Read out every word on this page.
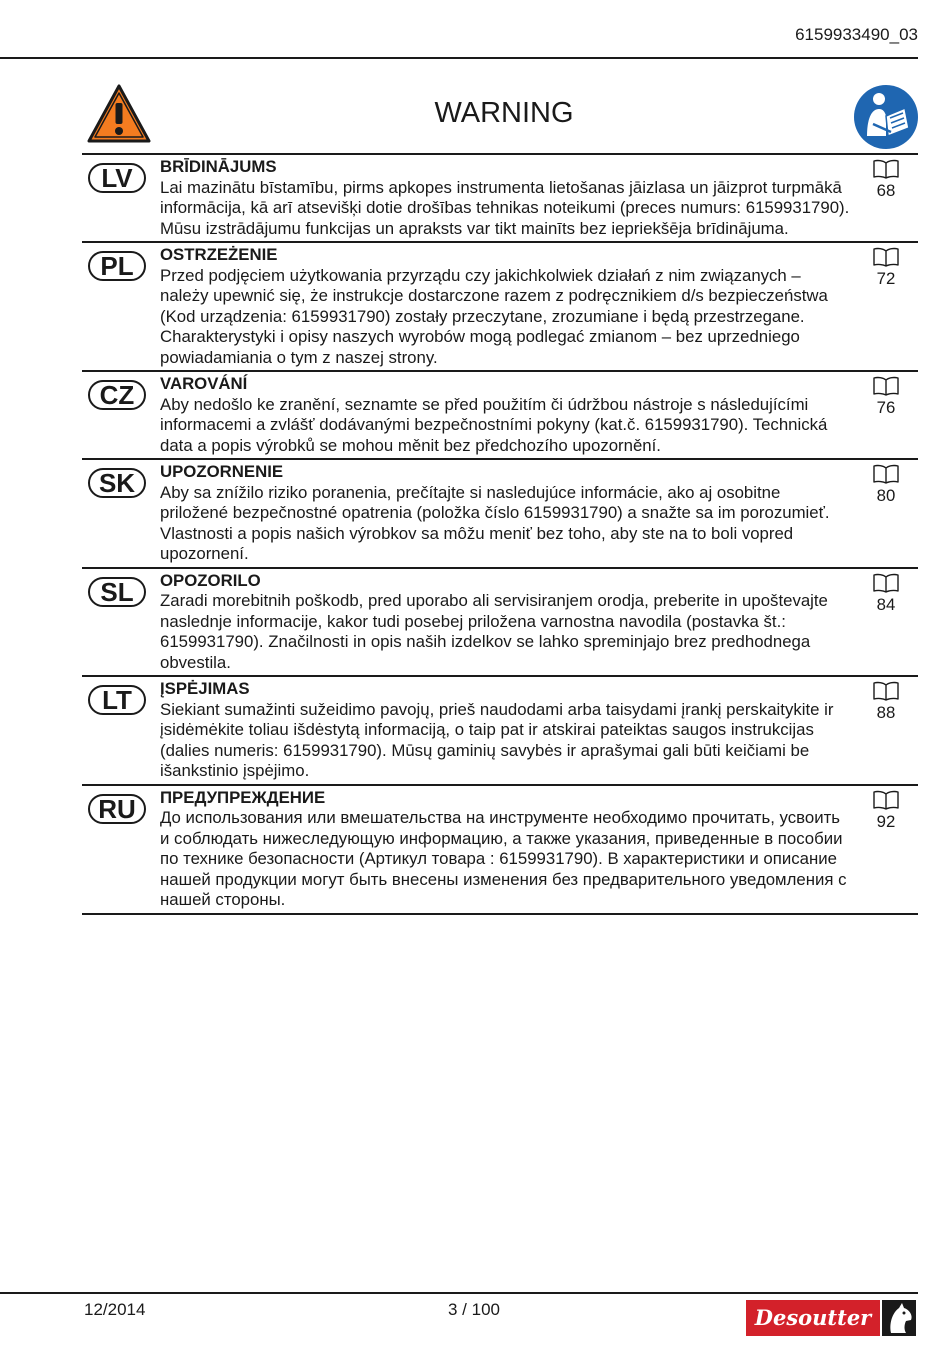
6159933490_03
WARNING
LV	BRĪDINĀJUMS
Lai mazinātu bīstamību, pirms apkopes instrumenta lietošanas jāizlasa un jāizprot turpmākā informācija, kā arī atsevišķi dotie drošības tehnikas noteikumi (preces numurs: 6159931790). Mūsu izstrādājumu funkcijas un apraksts var tikt mainīts bez iepriekšēja brīdinājuma.
68
PL	OSTRZEŻENIE
Przed podjęciem użytkowania przyrządu czy jakichkolwiek działań z nim związanych – należy upewnić się, że instrukcje dostarczone razem z podręcznikiem d/s bezpieczeństwa (Kod urządzenia: 6159931790) zostały przeczytane, zrozumiane i będą przestrzegane. Charakterystyki i opisy naszych wyrobów mogą podlegać zmianom – bez uprzedniego powiadamiania o tym z naszej strony.
72
CZ	VAROVÁNÍ
Aby nedošlo ke zranění, seznamte se před použitím či údržbou nástroje s následujícími informacemi a zvlášť dodávanými bezpečnostními pokyny (kat.č. 6159931790). Technická data a popis výrobků se mohou měnit bez předchozího upozornění.
76
SK	UPOZORNENIE
Aby sa znížilo riziko poranenia, prečítajte si nasledujúce informácie, ako aj osobitne priložené bezpečnostné opatrenia (položka číslo 6159931790) a snažte sa im porozumieť. Vlastnosti a popis našich výrobkov sa môžu meniť bez toho, aby ste na to boli vopred upozornení.
80
SL	OPOZORILO
Zaradi morebitnih poškodb, pred uporabo ali servisiranjem orodja, preberite in upoštevajte naslednje informacije, kakor tudi posebej priložena varnostna navodila (postavka št.: 6159931790). Značilnosti in opis naših izdelkov se lahko spreminjajo brez predhodnega obvestila.
84
LT	ĮSPĖJIMAS
Siekiant sumažinti sužeidimo pavojų, prieš naudodami arba taisydami įrankį perskaitykite ir įsidėmėkite toliau išdėstytą informaciją, o taip pat ir atskirai pateiktas saugos instrukcijas (dalies numeris: 6159931790). Mūsų gaminių savybės ir aprašymai gali būti keičiami be išankstinio įspėjimo.
88
RU	ПРЕДУПРЕЖДЕНИЕ
До использования или вмешательства на инструменте необходимо прочитать, усвоить и соблюдать нижеследующую информацию, а также указания, приведенные в пособии по технике безопасности (Артикул товара : 6159931790). В характеристики и описание нашей продукции могут быть внесены изменения без предварительного уведомления с нашей стороны.
92
12/2014	3 / 100	Desoutter
